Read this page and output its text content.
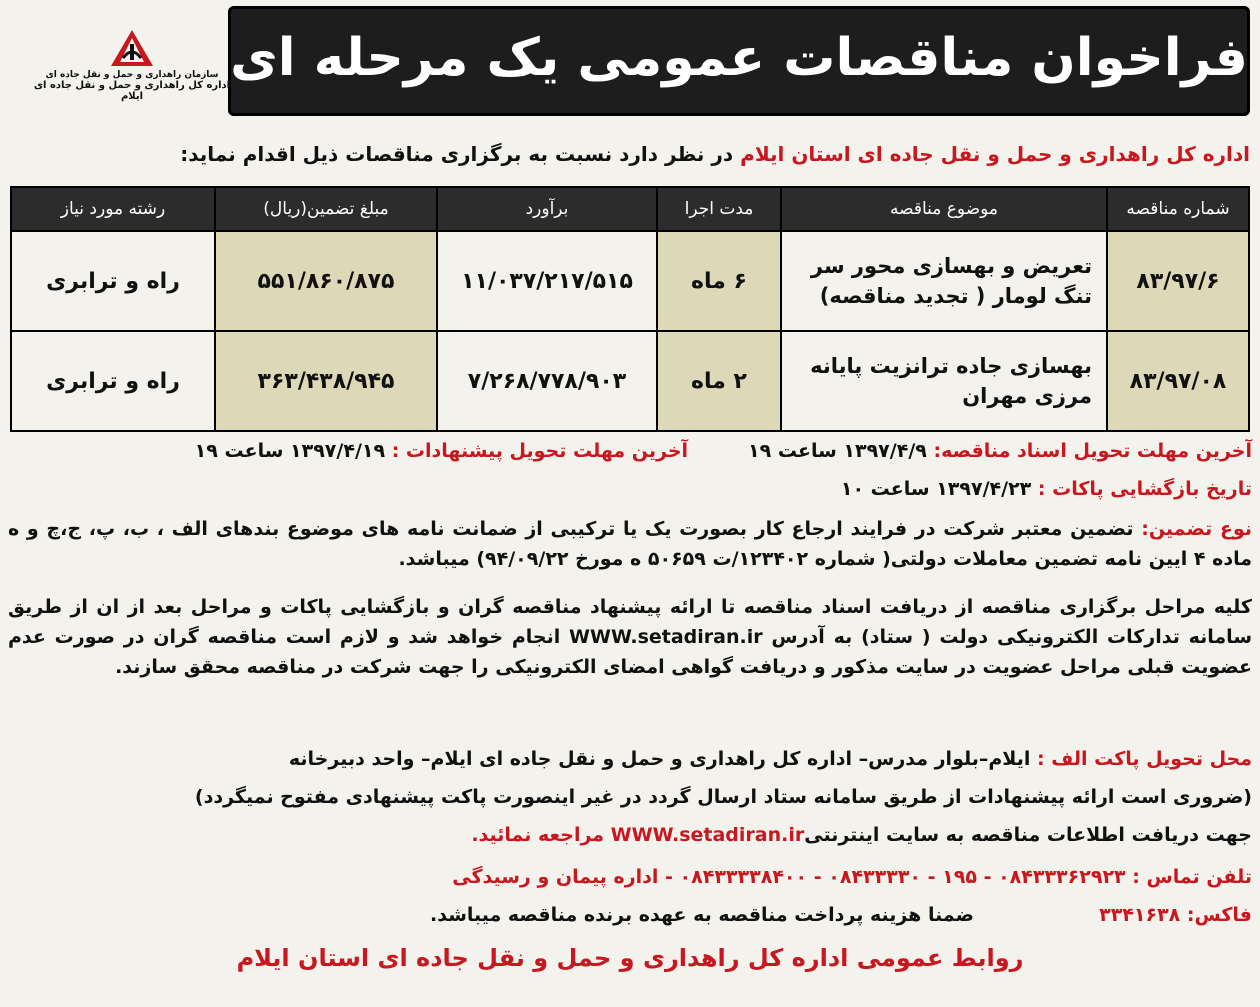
فراخوان مناقصات عمومی یک مرحله ای
سازمان راهداری و حمل و نقل جاده ای
اداره کل راهداری و حمل و نقل جاده ای ایلام
اداره کل راهداری و حمل و نقل جاده ای استان ایلام در نظر دارد نسبت به برگزاری مناقصات ذیل اقدام نماید:
شماره مناقصه	موضوع مناقصه	مدت اجرا	برآورد	مبلغ تضمین(ریال)	رشته مورد نیاز
۸۳/۹۷/۶	تعریض و بهسازی محور سر تنگ لومار ( تجدید مناقصه)	۶ ماه	۱۱/۰۳۷/۲۱۷/۵۱۵	۵۵۱/۸۶۰/۸۷۵	راه و ترابری
۸۳/۹۷/۰۸	بهسازی جاده ترانزیت پایانه مرزی مهران	۲ ماه	۷/۲۶۸/۷۷۸/۹۰۳	۳۶۳/۴۳۸/۹۴۵	راه و ترابری
آخرین مهلت تحویل اسناد مناقصه: ۱۳۹۷/۴/۹ ساعت ۱۹آخرین مهلت تحویل پیشنهادات : ۱۳۹۷/۴/۱۹ ساعت ۱۹
تاریخ بازگشایی پاکات : ۱۳۹۷/۴/۲۳ ساعت ۱۰
نوع تضمین: تضمین معتبر شرکت در فرایند ارجاع کار بصورت یک یا ترکیبی از ضمانت نامه های موضوع بندهای الف ، ب، پ، ج،چ و ه ماده ۴ ایین نامه تضمین معاملات دولتی( شماره ۱۲۳۴۰۲/ت ۵۰۶۵۹ ه مورخ ۹۴/۰۹/۲۲) میباشد.
کلیه مراحل برگزاری مناقصه از دریافت اسناد مناقصه تا ارائه پیشنهاد مناقصه گران و بازگشایی پاکات و مراحل بعد از ان از طریق سامانه تدارکات الکترونیکی دولت ( ستاد) به آدرس WWW.setadiran.ir انجام خواهد شد و لازم است مناقصه گران در صورت عدم عضویت قبلی مراحل عضویت در سایت مذکور و دریافت گواهی امضای الکترونیکی را جهت شرکت در مناقصه محقق سازند.
محل تحویل پاکت الف : ایلام–بلوار مدرس– اداره کل راهداری و حمل و نقل جاده ای ایلام– واحد دبیرخانه
(ضروری است ارائه پیشنهادات از طریق سامانه ستاد ارسال گردد در غیر اینصورت پاکت پیشنهادی مفتوح نمیگردد)
جهت دریافت اطلاعات مناقصه به سایت اینترنتیWWW.setadiran.ir مراجعه نمائید.
تلفن تماس : ۰۸۴۳۳۳۶۲۹۲۳ - ۱۹۵ - ۰۸۴۳۳۳۳۰ - ۰۸۴۳۳۳۳۸۴۰۰ - اداره پیمان و رسیدگی
فاکس: ۳۳۴۱۶۳۸
ضمنا هزینه پرداخت مناقصه به عهده برنده مناقصه میباشد.
روابط عمومی اداره کل راهداری و حمل و نقل جاده ای استان ایلام
